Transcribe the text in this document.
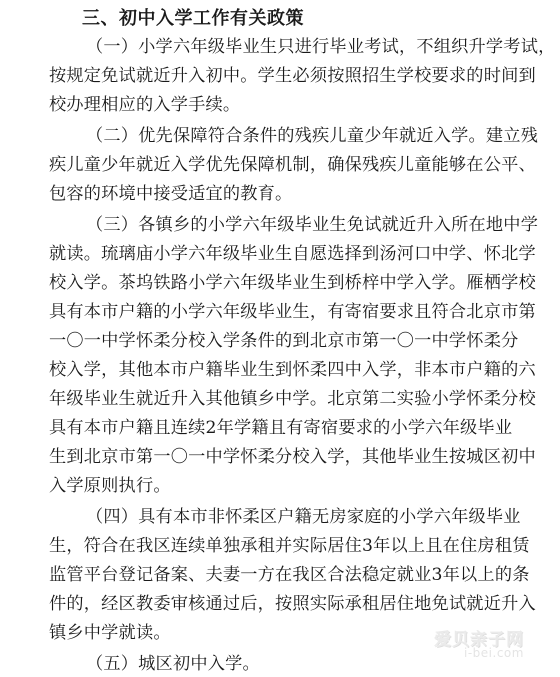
三、初中入学工作有关政策
（一）小学六年级毕业生只进行毕业考试，不组织升学考试，
按规定免试就近升入初中。学生必须按照招生学校要求的时间到
校办理相应的入学手续。
（二）优先保障符合条件的残疾儿童少年就近入学。建立残
疾儿童少年就近入学优先保障机制，确保残疾儿童能够在公平、
包容的环境中接受适宜的教育。
（三）各镇乡的小学六年级毕业生免试就近升入所在地中学
就读。琉璃庙小学六年级毕业生自愿选择到汤河口中学、怀北学
校入学。茶坞铁路小学六年级毕业生到桥梓中学入学。雁栖学校
具有本市户籍的小学六年级毕业生，有寄宿要求且符合北京市第
一〇一中学怀柔分校入学条件的到北京市第一〇一中学怀柔分
校入学，其他本市户籍毕业生到怀柔四中入学，非本市户籍的六
年级毕业生就近升入其他镇乡中学。北京第二实验小学怀柔分校
具有本市户籍且连续2年学籍且有寄宿要求的小学六年级毕业
生到北京市第一〇一中学怀柔分校入学，其他毕业生按城区初中
入学原则执行。
（四）具有本市非怀柔区户籍无房家庭的小学六年级毕业
生，符合在我区连续单独承租并实际居住3年以上且在住房租赁
监管平台登记备案、夫妻一方在我区合法稳定就业3年以上的条
件的，经区教委审核通过后，按照实际承租居住地免试就近升入
镇乡中学就读。
（五）城区初中入学。
爱贝亲子网
i-bei.com
